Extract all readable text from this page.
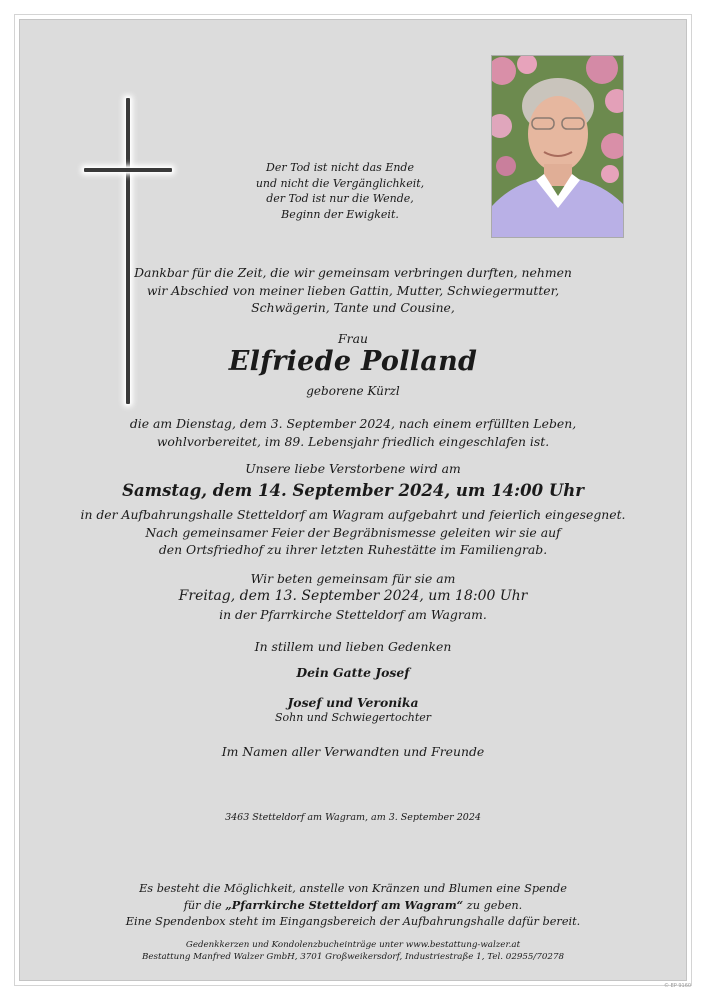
Der Tod ist nicht das Ende
und nicht die Vergänglichkeit,
der Tod ist nur die Wende,
Beginn der Ewigkeit.
Dankbar für die Zeit, die wir gemeinsam verbringen durften, nehmen
wir Abschied von meiner lieben Gattin, Mutter, Schwiegermutter,
Schwägerin, Tante und Cousine,
Frau
Elfriede Polland
geborene Kürzl
die am Dienstag, dem 3. September 2024, nach einem erfüllten Leben,
wohlvorbereitet, im 89. Lebensjahr friedlich eingeschlafen ist.
Unsere liebe Verstorbene wird am
Samstag, dem 14. September 2024, um 14:00 Uhr
in der Aufbahrungshalle Stetteldorf am Wagram aufgebahrt und feierlich eingesegnet.
Nach gemeinsamer Feier der Begräbnismesse geleiten wir sie auf
den Ortsfriedhof zu ihrer letzten Ruhestätte im Familiengrab.
Wir beten gemeinsam für sie am
Freitag, dem 13. September 2024, um 18:00 Uhr
in der Pfarrkirche Stetteldorf am Wagram.
In stillem und lieben Gedenken
Dein Gatte Josef
Josef und Veronika
Sohn und Schwiegertochter
Im Namen aller Verwandten und Freunde
3463 Stetteldorf am Wagram, am 3. September 2024
Es besteht die Möglichkeit, anstelle von Kränzen und Blumen eine Spende
für die „Pfarrkirche Stetteldorf am Wagram“ zu geben.
Eine Spendenbox steht im Eingangsbereich der Aufbahrungshalle dafür bereit.
Gedenkkerzen und Kondolenzbucheinträge unter www.bestattung-walzer.at
Bestattung Manfred Walzer GmbH, 3701 Großweikersdorf, Industriestraße 1, Tel. 02955/70278
© EP 9160
